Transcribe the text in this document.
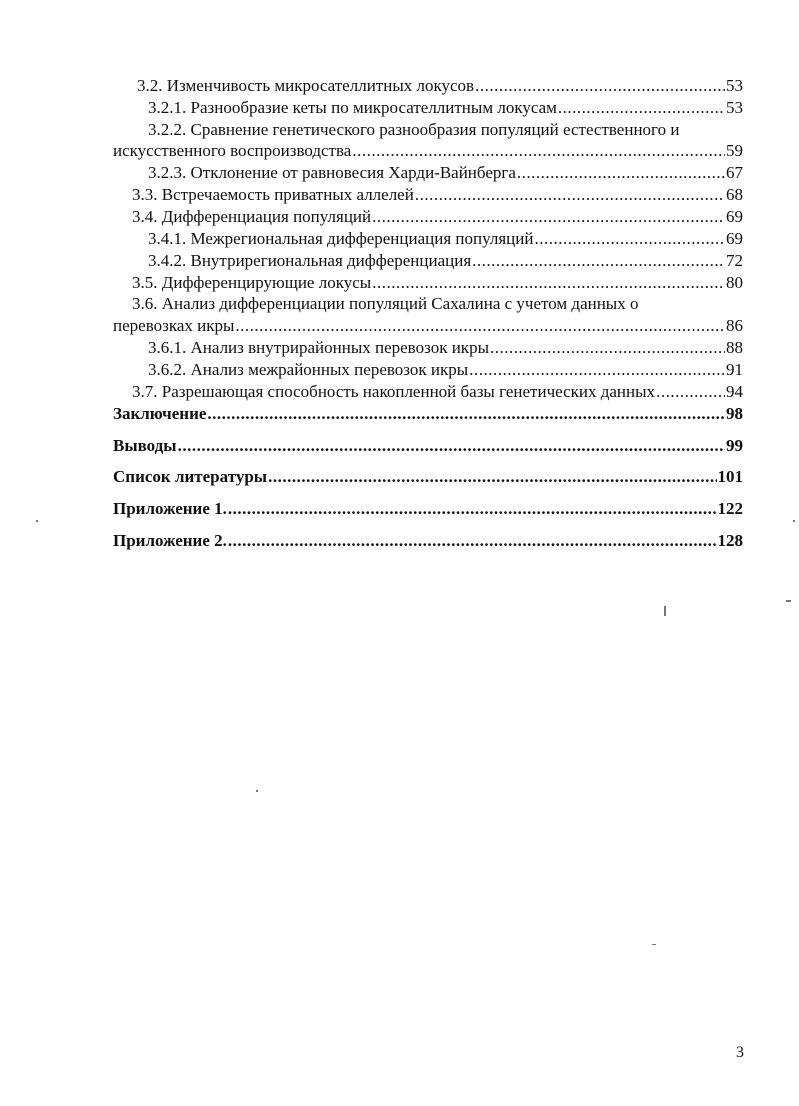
3.2. Изменчивость микросателлитных локусов .....	53
3.2.1. Разнообразие кеты по микросателлитным локусам .....	53
3.2.2. Сравнение генетического разнообразия популяций естественного и
искусственного воспроизводства .....	59
3.2.3. Отклонение от равновесия Харди-Вайнберга .....	67
3.3. Встречаемость приватных аллелей .....	68
3.4. Дифференциация популяций .....	69
3.4.1. Межрегиональная дифференциация популяций .....	69
3.4.2. Внутрирегиональная дифференциация .....	72
3.5. Дифференцирующие локусы .....	80
3.6. Анализ дифференциации популяций Сахалина с учетом данных о
перевозках икры .....	86
3.6.1. Анализ внутрирайонных перевозок икры .....	88
3.6.2. Анализ межрайонных перевозок икры .....	91
3.7. Разрешающая способность накопленной базы генетических данных .....	94
Заключение .....	98
Выводы .....	99
Список литературы .....	101
Приложение 1. .....	122
Приложение 2. .....	128
3
